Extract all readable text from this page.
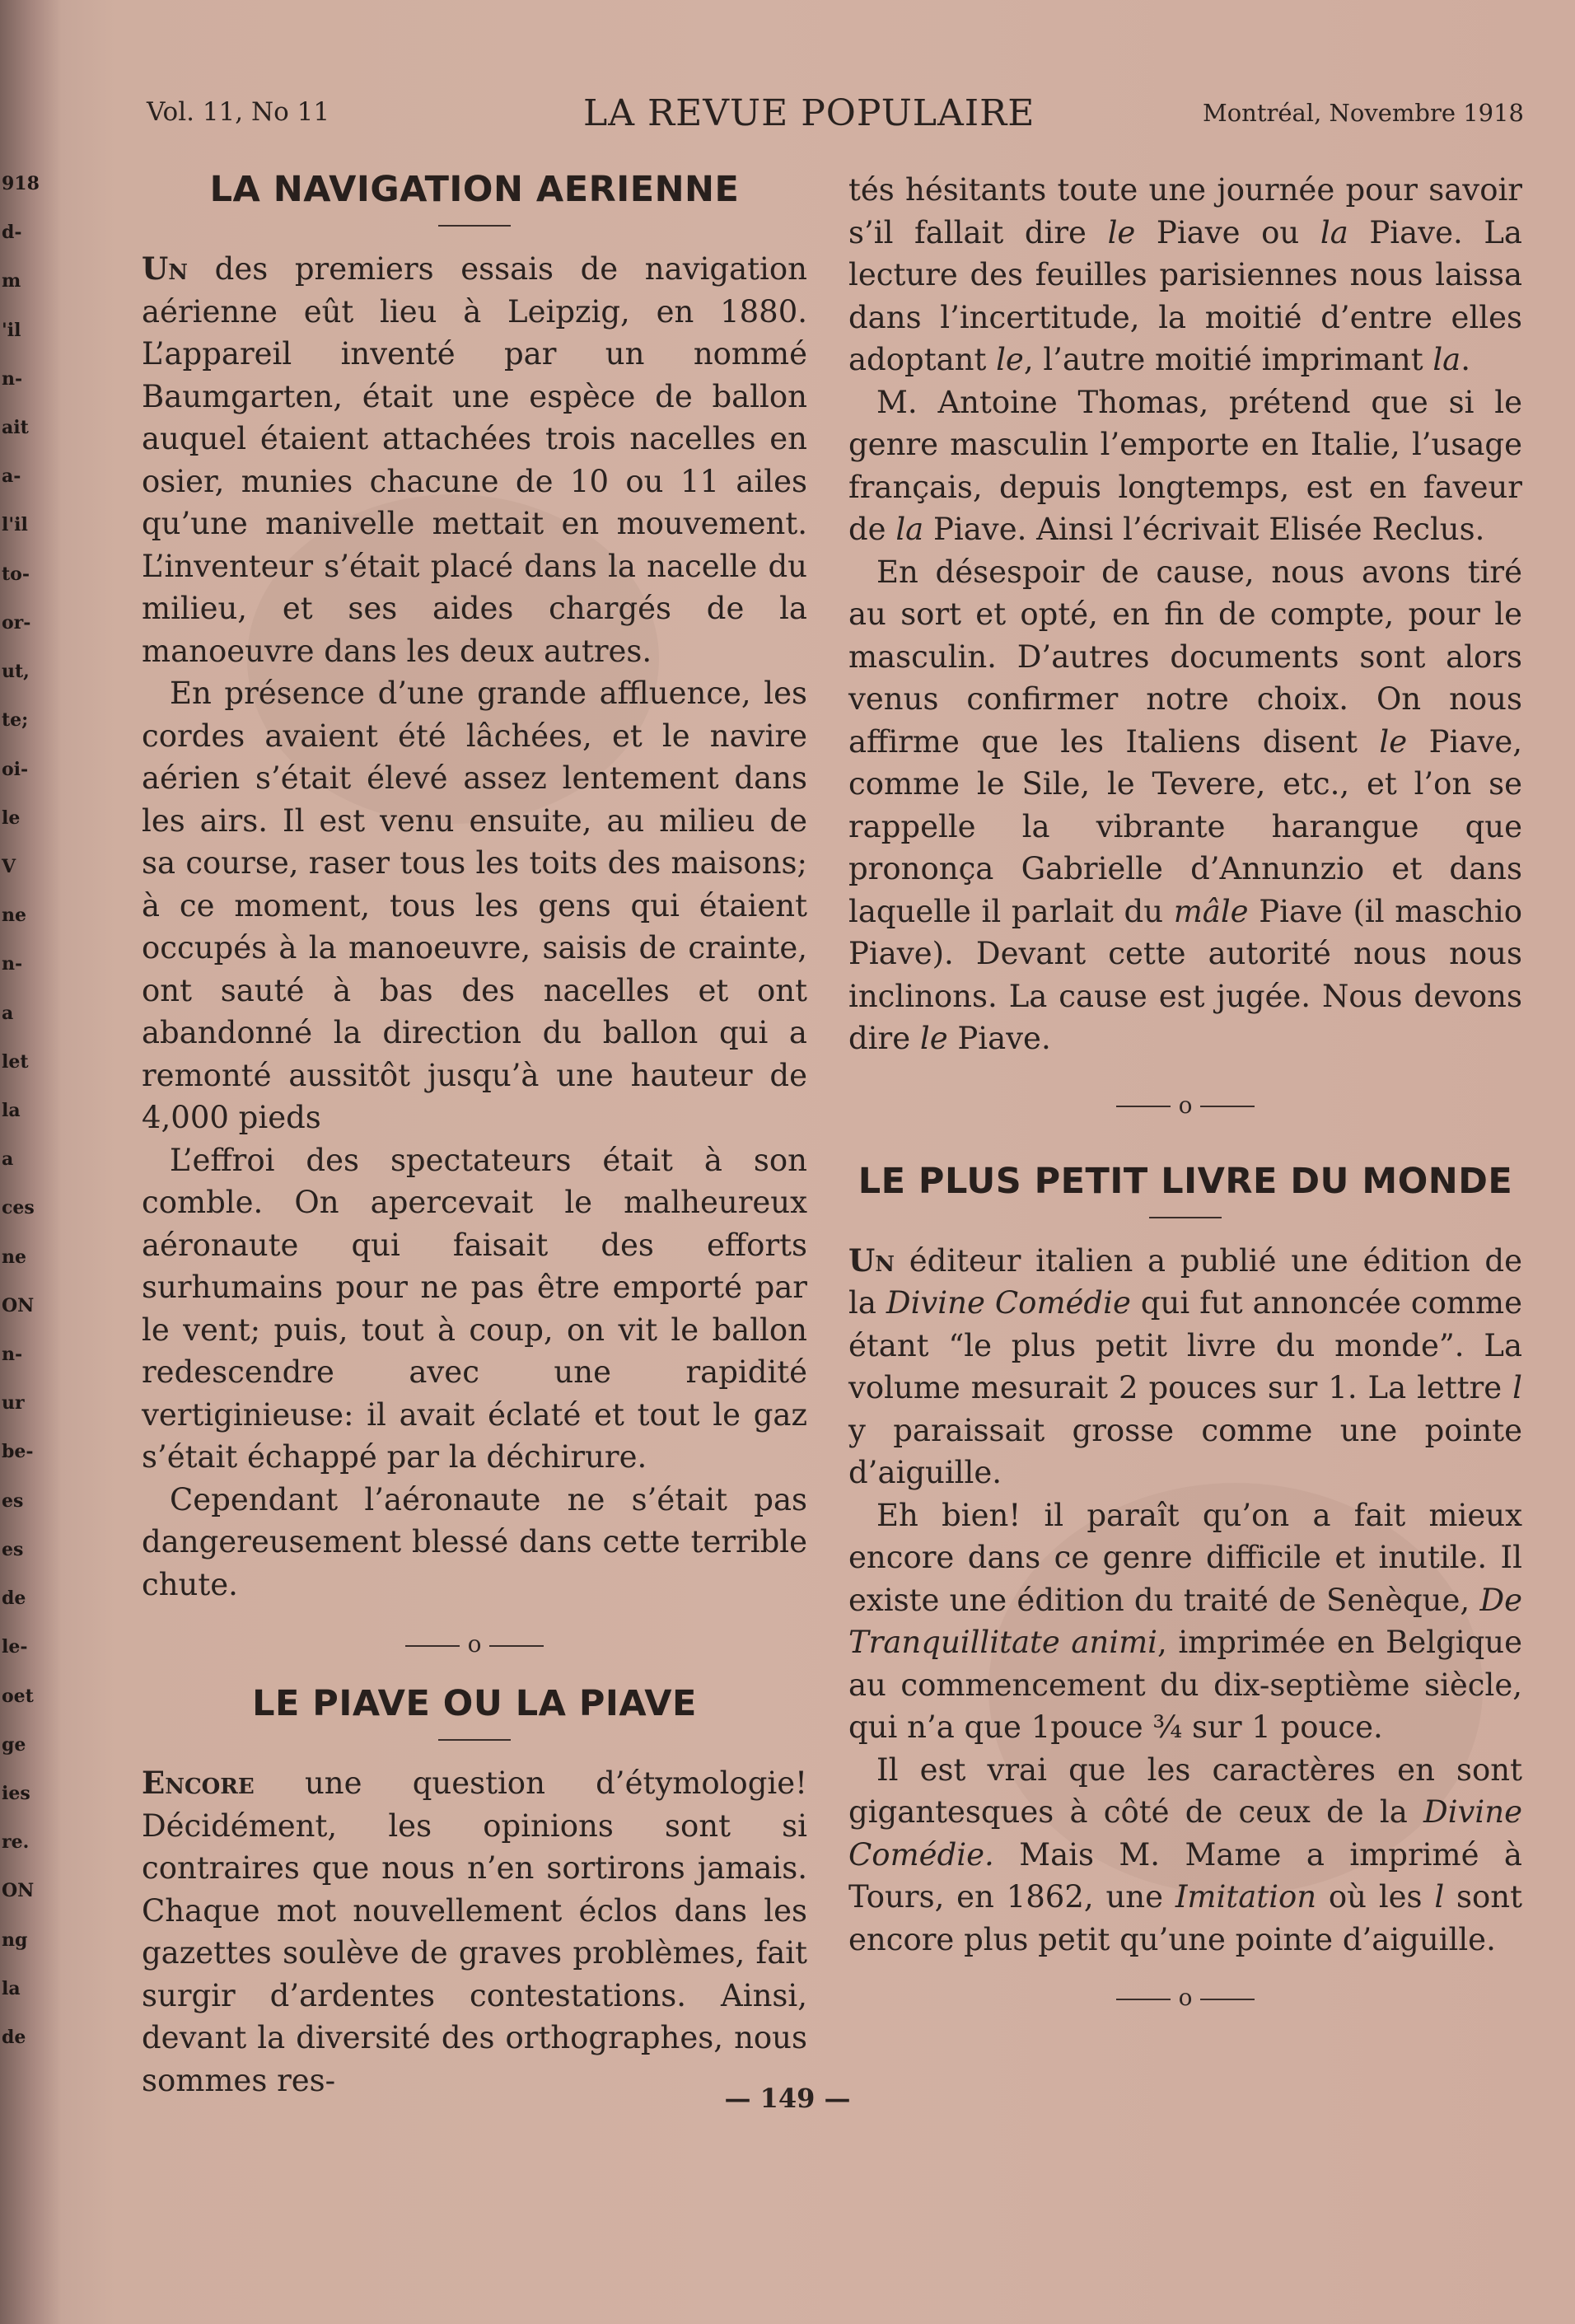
918
d-
m
'il
n-
ait
a-
l'il
to-
or-
ut,
te;
oi-
le
V
ne
n-
a
let
la
a
ces
ne
ON
n-
ur
be-
es
es
de
le-
oet
ge
ies
re.
ON
ng
la
de
Vol. 11, No 11	LA REVUE POPULAIRE	Montréal, Novembre 1918
LA NAVIGATION AERIENNE

Un des premiers essais de navigation aérienne eût lieu à Leipzig, en 1880. L’appareil inventé par un nommé Baumgarten, était une espèce de ballon auquel étaient attachées trois nacelles en osier, munies chacune de 10 ou 11 ailes qu’une manivelle mettait en mouvement. L’inventeur s’était placé dans la nacelle du milieu, et ses aides chargés de la manoeuvre dans les deux autres.

En présence d’une grande affluence, les cordes avaient été lâchées, et le navire aérien s’était élevé assez lentement dans les airs. Il est venu ensuite, au milieu de sa course, raser tous les toits des maisons; à ce moment, tous les gens qui étaient occupés à la manoeuvre, saisis de crainte, ont sauté à bas des nacelles et ont abandonné la direction du ballon qui a remonté aussitôt jusqu’à une hauteur de 4,000 pieds

L’effroi des spectateurs était à son comble. On apercevait le malheureux aéronaute qui faisait des efforts surhumains pour ne pas être emporté par le vent; puis, tout à coup, on vit le ballon redescendre avec une rapidité vertiginieuse: il avait éclaté et tout le gaz s’était échappé par la déchirure.

Cependant l’aéronaute ne s’était pas dangereusement blessé dans cette terrible chute.

o
LE PIAVE OU LA PIAVE

Encore une question d’étymologie! Décidément, les opinions sont si contraires que nous n’en sortirons jamais. Chaque mot nouvellement éclos dans les gazettes soulève de graves problèmes, fait surgir d’ardentes contestations. Ainsi, devant la diversité des orthographes, nous sommes res-

tés hésitants toute une journée pour savoir s’il fallait dire le Piave ou la Piave. La lecture des feuilles parisiennes nous laissa dans l’incertitude, la moitié d’entre elles adoptant le, l’autre moitié imprimant la.

M. Antoine Thomas, prétend que si le genre masculin l’emporte en Italie, l’usage français, depuis longtemps, est en faveur de la Piave. Ainsi l’écrivait Elisée Reclus.

En désespoir de cause, nous avons tiré au sort et opté, en fin de compte, pour le masculin. D’autres documents sont alors venus confirmer notre choix. On nous affirme que les Italiens disent le Piave, comme le Sile, le Tevere, etc., et l’on se rappelle la vibrante harangue que prononça Gabrielle d’Annunzio et dans laquelle il parlait du mâle Piave (il maschio Piave). Devant cette autorité nous nous inclinons. La cause est jugée. Nous devons dire le Piave.

o
LE PLUS PETIT LIVRE DU MONDE

Un éditeur italien a publié une édition de la Divine Comédie qui fut annoncée comme étant “le plus petit livre du monde”. La volume mesurait 2 pouces sur 1. La lettre l y paraissait grosse comme une pointe d’aiguille.

Eh bien! il paraît qu’on a fait mieux encore dans ce genre difficile et inutile. Il existe une édition du traité de Senèque, De Tranquillitate animi, imprimée en Belgique au commencement du dix-septième siècle, qui n’a que 1pouce ¾ sur 1 pouce.

Il est vrai que les caractères en sont gigantesques à côté de ceux de la Divine Comédie. Mais M. Mame a imprimé à Tours, en 1862, une Imitation où les l sont encore plus petit qu’une pointe d’aiguille.

o
— 149 —
